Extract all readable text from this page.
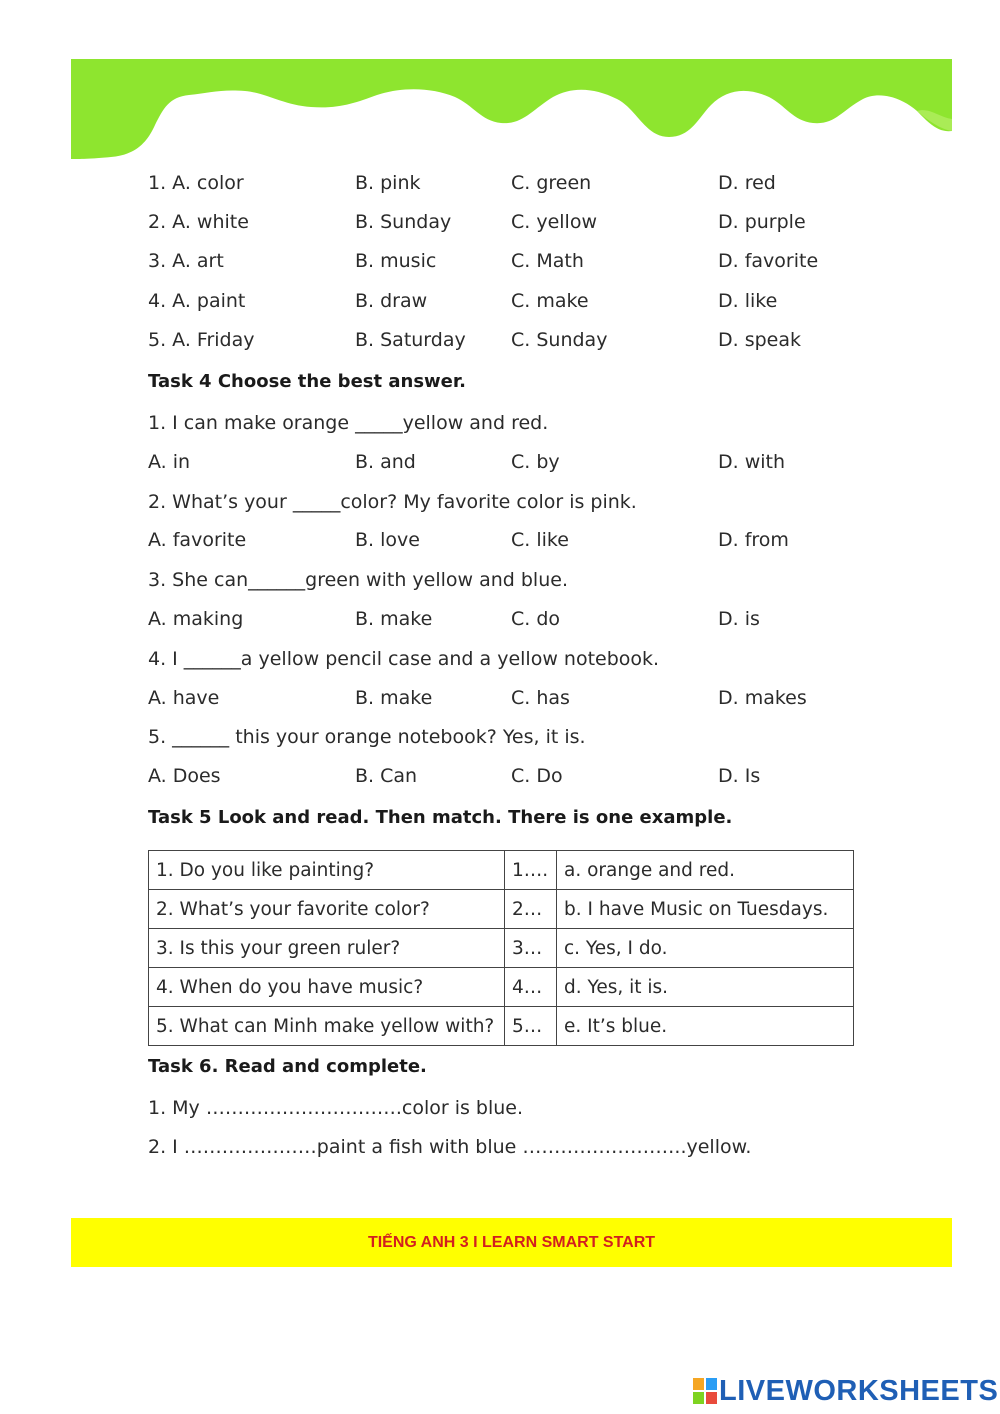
1. A. color	B. pink	C. green	D. red
2. A. white	B. Sunday	C. yellow	D. purple
3. A. art	B. music	C. Math	D. favorite
4. A. paint	B. draw	C. make	D. like
5. A. Friday	B. Saturday C. Sunday	D. speak
Task 4 Choose the best answer.
1. I can make orange _____yellow and red.
A. in	B. and	C. by	D. with
2. What’s your _____color? My favorite color is pink.
A. favorite	B. love	C. like	D. from
3. She can______green with yellow and blue.
A. making	B. make	C. do	D. is
4. I ______a yellow pencil case and a yellow notebook.
A. have	B. make	C. has	D. makes
5. ______ this your orange notebook? Yes, it is.
A. Does	B. Can	C. Do	D. Is
Task 5 Look and read. Then match. There is one example.
1. Do you like painting?	1….	a. orange and red.
2. What’s your favorite color?	2…	b. I have Music on Tuesdays.
3. Is this your green ruler?	3…	c. Yes, I do.
4. When do you have music?	4…	d. Yes, it is.
5. What can Minh make yellow with?	5…	e. It’s blue.
Task 6. Read and complete.
1. My ………………………….color is blue.
2. I …………………paint a fish with blue ……………………..yellow.
TIẾNG ANH 3 I LEARN SMART START
LIVEWORKSHEETS
